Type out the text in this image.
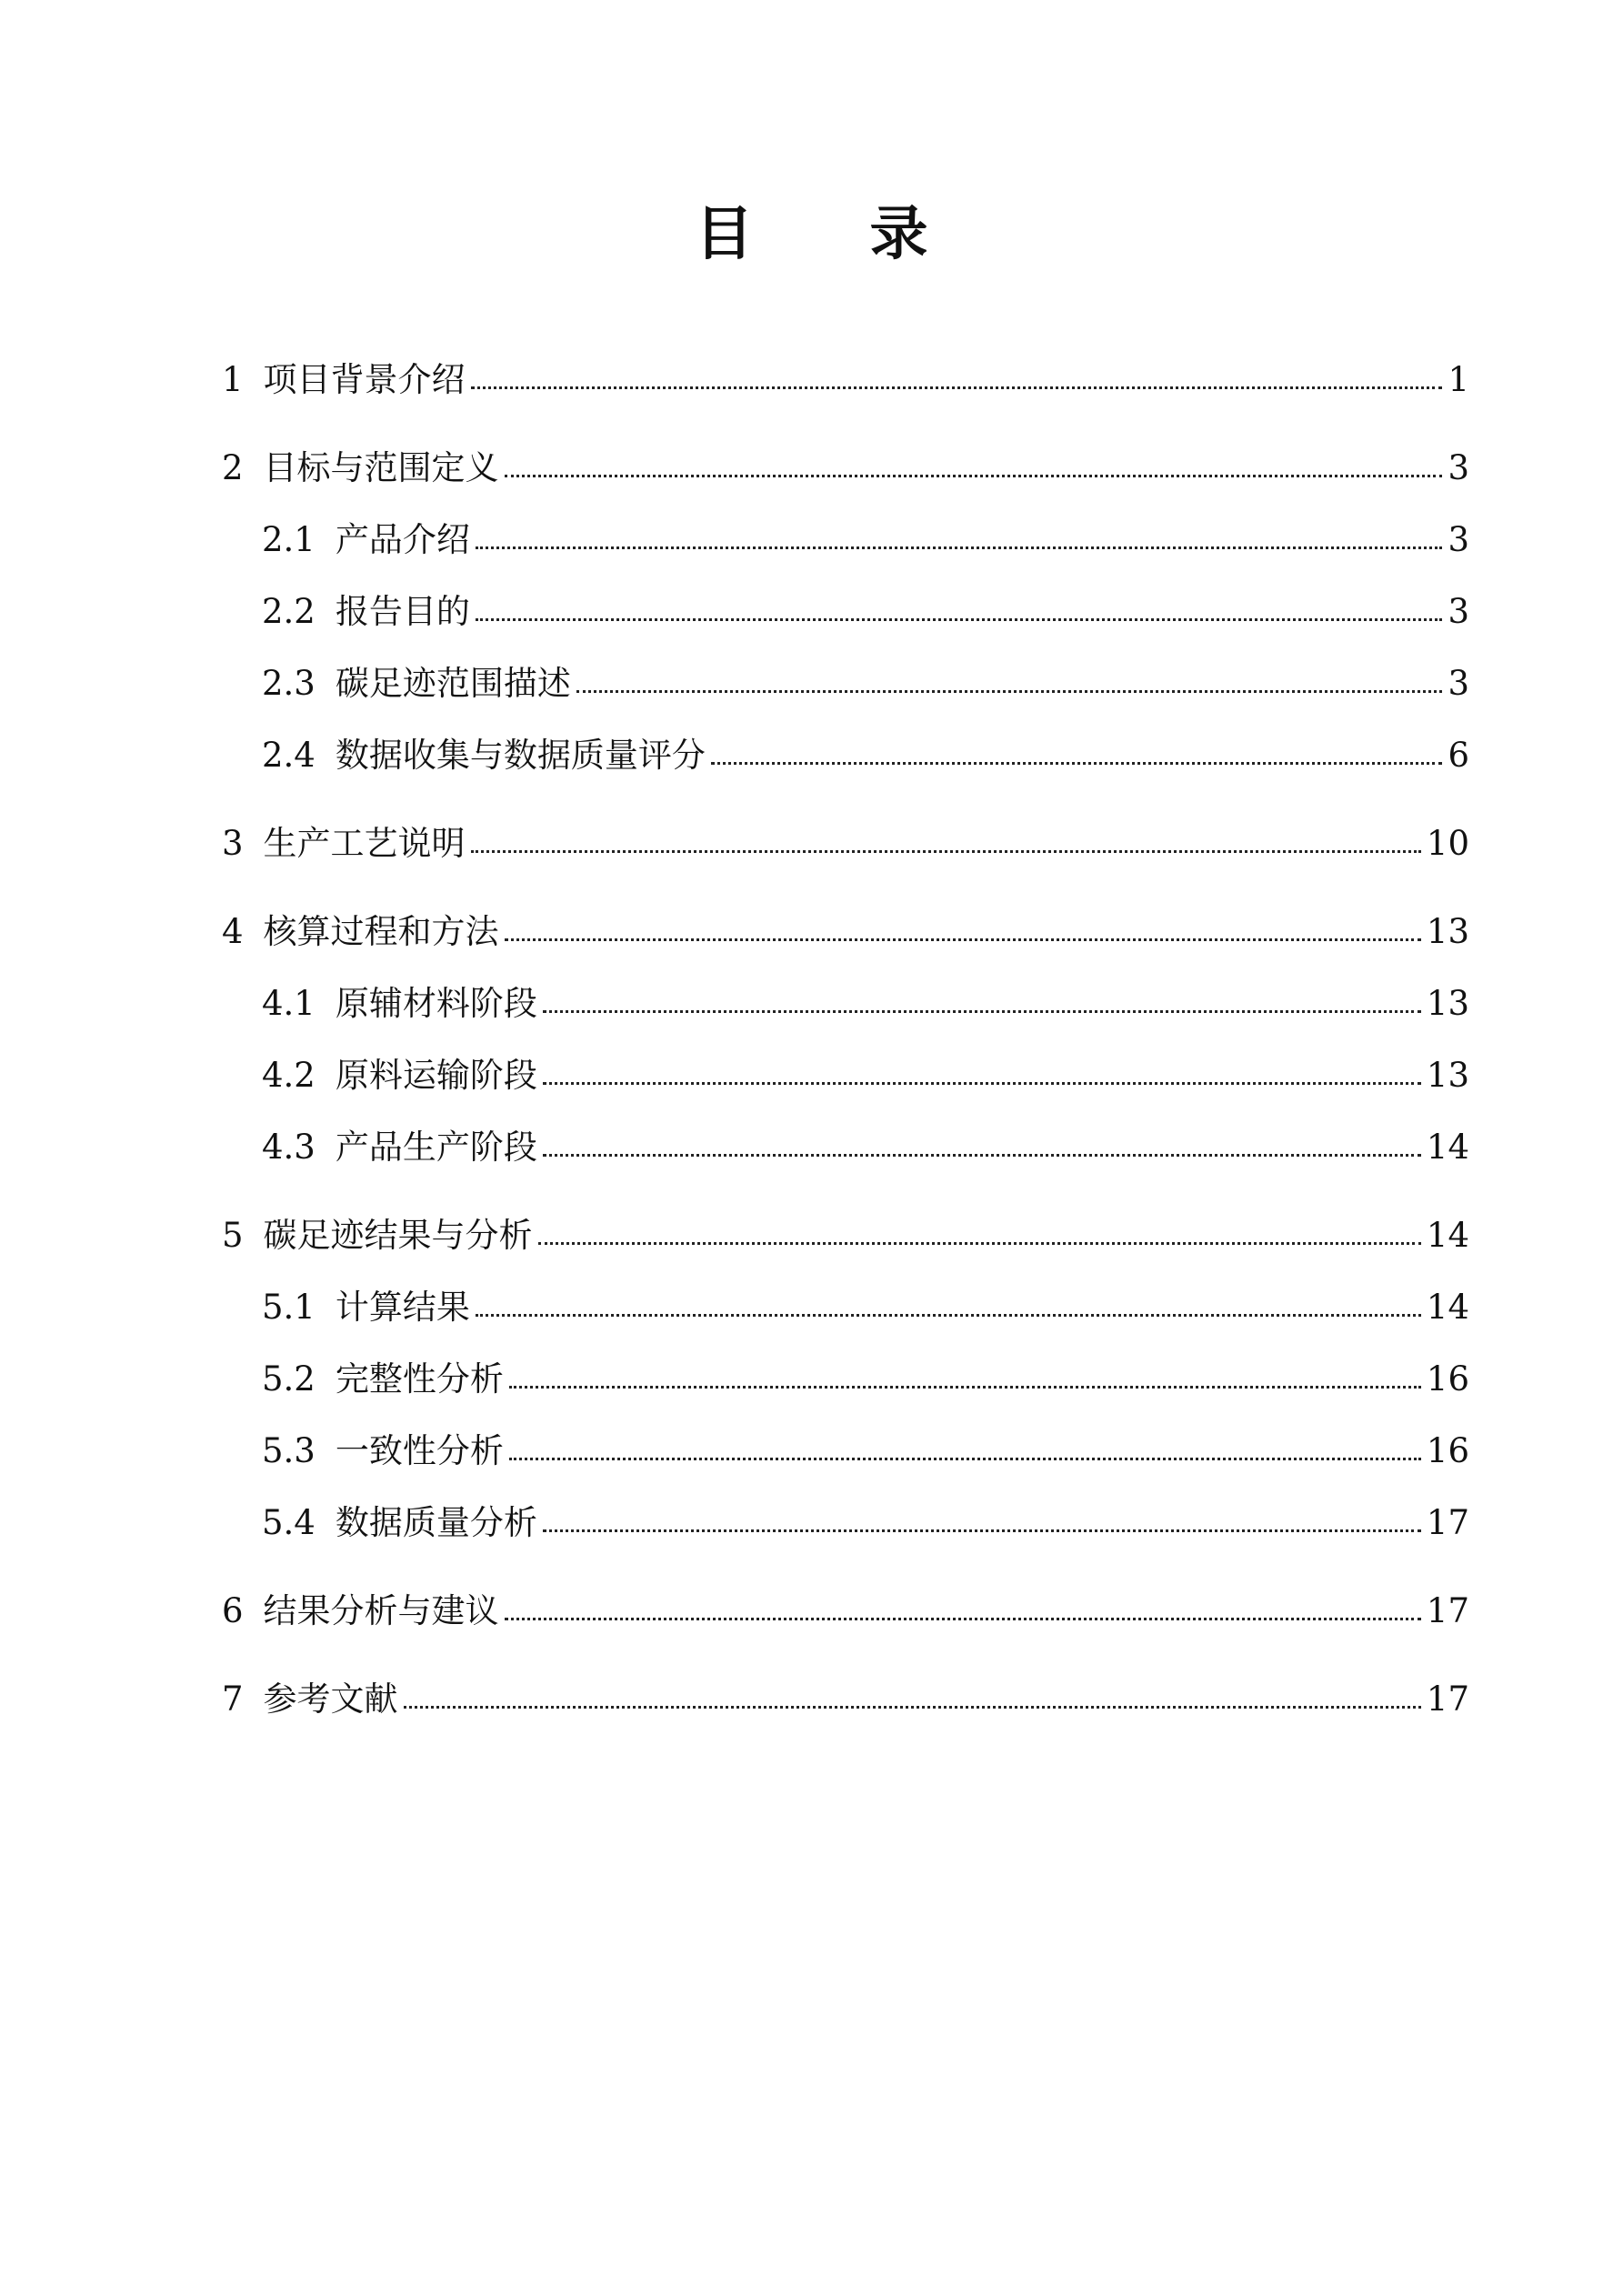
目　录
1 项目背景介绍	1
2 目标与范围定义	3
2.1 产品介绍	3
2.2 报告目的	3
2.3 碳足迹范围描述	3
2.4 数据收集与数据质量评分	6
3 生产工艺说明	10
4 核算过程和方法	13
4.1 原辅材料阶段	13
4.2 原料运输阶段	13
4.3 产品生产阶段	14
5 碳足迹结果与分析	14
5.1 计算结果	14
5.2 完整性分析	16
5.3 一致性分析	16
5.4 数据质量分析	17
6 结果分析与建议	17
7 参考文献	17
